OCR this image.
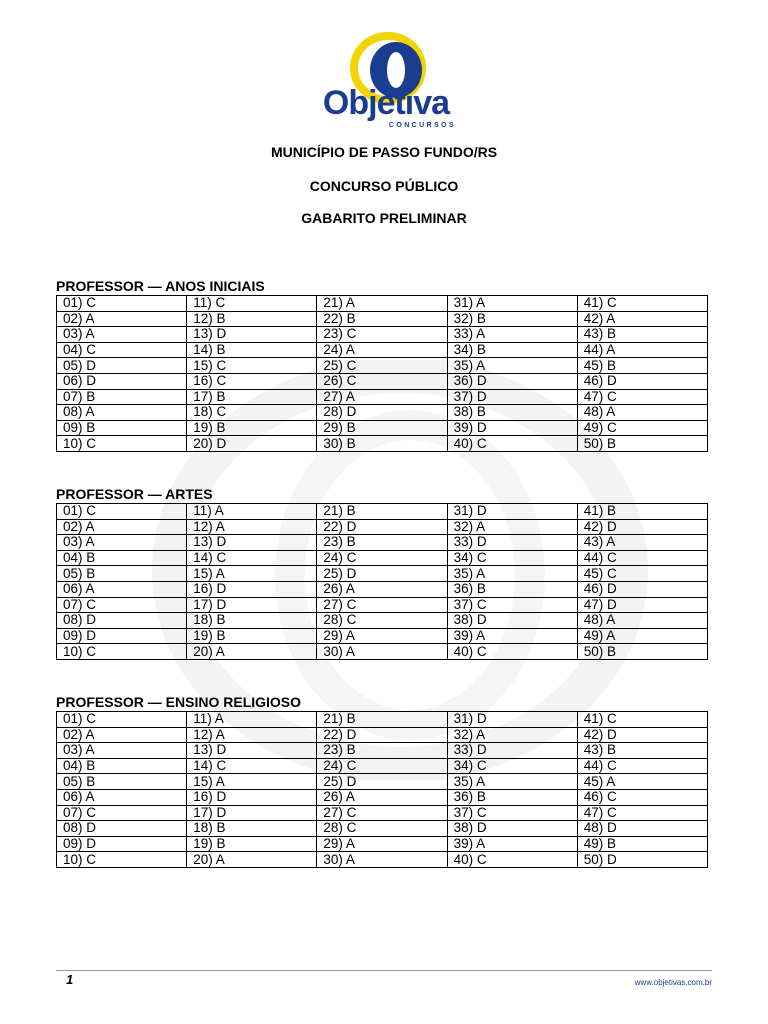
Objetiva
CONCURSOS
MUNICÍPIO DE PASSO FUNDO/RS
CONCURSO PÚBLICO
GABARITO PRELIMINAR
PROFESSOR — ANOS INICIAIS
PROFESSOR — ARTES
PROFESSOR — ENSINO RELIGIOSO
01) C	11) C	21) A	31) A	41) C
02) A	12) B	22) B	32) B	42) A
03) A	13) D	23) C	33) A	43) B
04) C	14) B	24) A	34) B	44) A
05) D	15) C	25) C	35) A	45) B
06) D	16) C	26) C	36) D	46) D
07) B	17) B	27) A	37) D	47) C
08) A	18) C	28) D	38) B	48) A
09) B	19) B	29) B	39) D	49) C
10) C	20) D	30) B	40) C	50) B
01) C	11) A	21) B	31) D	41) B
02) A	12) A	22) D	32) A	42) D
03) A	13) D	23) B	33) D	43) A
04) B	14) C	24) C	34) C	44) C
05) B	15) A	25) D	35) A	45) C
06) A	16) D	26) A	36) B	46) D
07) C	17) D	27) C	37) C	47) D
08) D	18) B	28) C	38) D	48) A
09) D	19) B	29) A	39) A	49) A
10) C	20) A	30) A	40) C	50) B
01) C	11) A	21) B	31) D	41) C
02) A	12) A	22) D	32) A	42) D
03) A	13) D	23) B	33) D	43) B
04) B	14) C	24) C	34) C	44) C
05) B	15) A	25) D	35) A	45) A
06) A	16) D	26) A	36) B	46) C
07) C	17) D	27) C	37) C	47) C
08) D	18) B	28) C	38) D	48) D
09) D	19) B	29) A	39) A	49) B
10) C	20) A	30) A	40) C	50) D
1	www.objetivas.com.br
